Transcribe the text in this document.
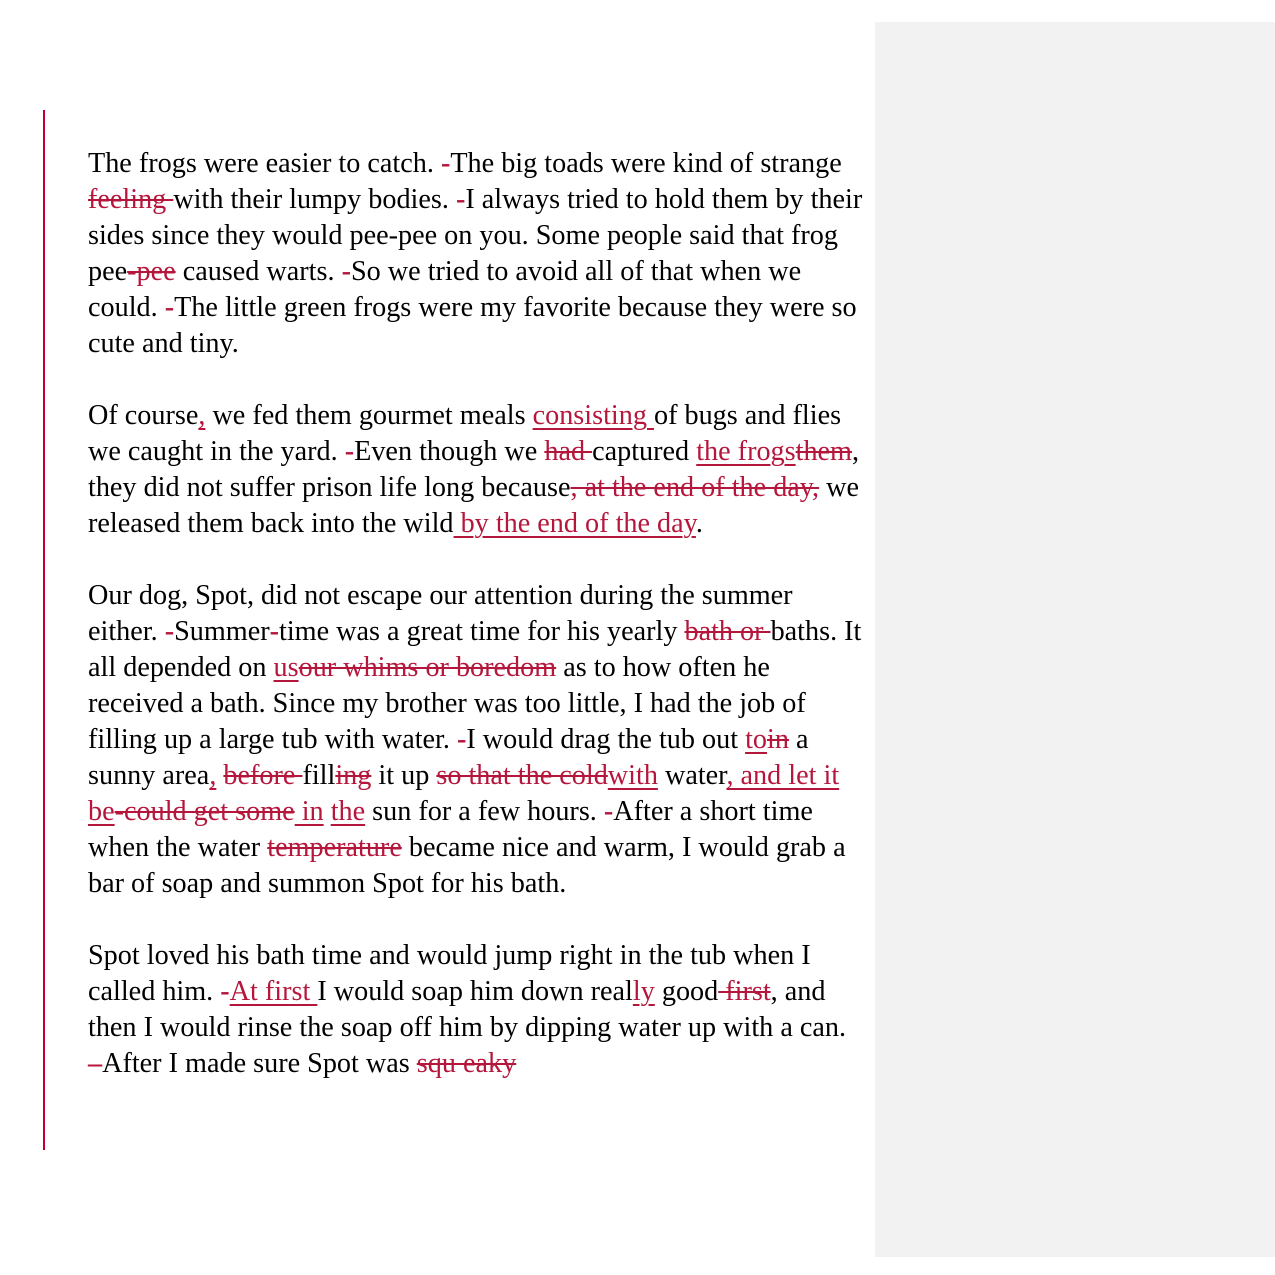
The frogs were easier to catch. -The big toads were kind of strange feeling with their lumpy bodies. -I always tried to hold them by their sides since they would pee-pee on you. Some people said that frog pee-pee caused warts. -So we tried to avoid all of that when we could. -The little green frogs were my favorite because they were so cute and tiny.

Of course, we fed them gourmet meals consisting of bugs and flies we caught in the yard. -Even though we had captured the frogsthem, they did not suffer prison life long because, at the end of the day, we released them back into the wild by the end of the day.

Our dog, Spot, did not escape our attention during the summer either. -Summer-time was a great time for his yearly bath or baths. It all depended on usour whims or boredom as to how often he received a bath. Since my brother was too little, I had the job of filling up a large tub with water. -I would drag the tub out toin a sunny area, before filling it up so that the coldwith water, and let it be-could get some in the sun for a few hours. -After a short time when the water temperature became nice and warm, I would grab a bar of soap and summon Spot for his bath.

Spot loved his bath time and would jump right in the tub when I called him. -At first I would soap him down really good first, and then I would rinse the soap off him by dipping water up with a can. –After I made sure Spot was squ eaky
